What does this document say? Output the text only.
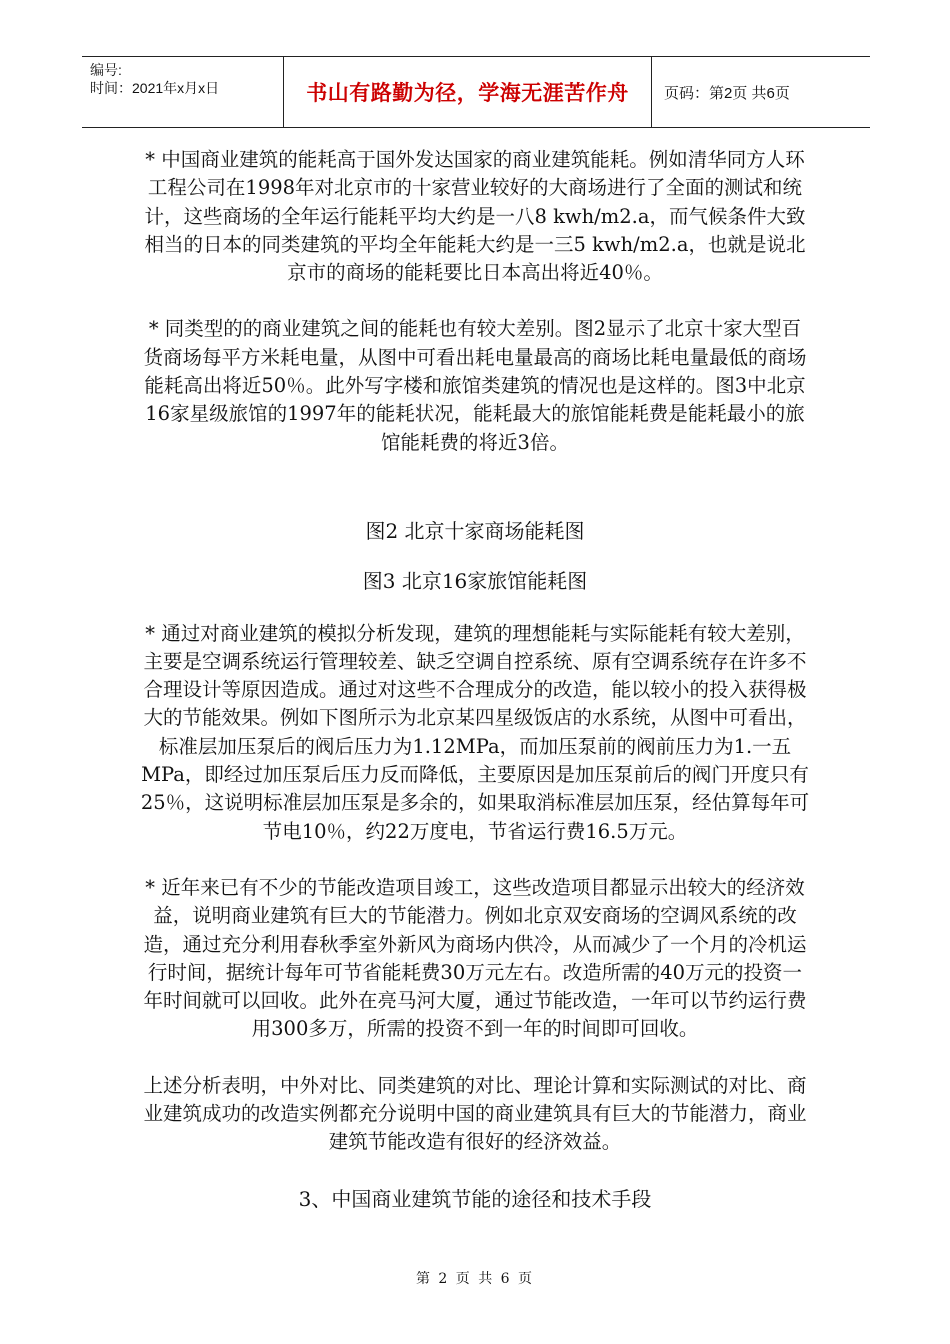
编号:
时间：2021年x月x日	书山有路勤为径，学海无涯苦作舟	页码：第2页 共6页

* 中国商业建筑的能耗高于国外发达国家的商业建筑能耗。例如清华同方人环工程公司在1998年对北京市的十家营业较好的大商场进行了全面的测试和统计，这些商场的全年运行能耗平均大约是一八8 kwh/m2.a，而气候条件大致相当的日本的同类建筑的平均全年能耗大约是一三5 kwh/m2.a，也就是说北京市的商场的能耗要比日本高出将近40％。

* 同类型的的商业建筑之间的能耗也有较大差别。图2显示了北京十家大型百货商场每平方米耗电量，从图中可看出耗电量最高的商场比耗电量最低的商场能耗高出将近50％。此外写字楼和旅馆类建筑的情况也是这样的。图3中北京16家星级旅馆的1997年的能耗状况，能耗最大的旅馆能耗费是能耗最小的旅馆能耗费的将近3倍。

图2 北京十家商场能耗图

图3 北京16家旅馆能耗图

* 通过对商业建筑的模拟分析发现，建筑的理想能耗与实际能耗有较大差别，主要是空调系统运行管理较差、缺乏空调自控系统、原有空调系统存在许多不合理设计等原因造成。通过对这些不合理成分的改造，能以较小的投入获得极大的节能效果。例如下图所示为北京某四星级饭店的水系统，从图中可看出，标准层加压泵后的阀后压力为1.12MPa，而加压泵前的阀前压力为1.一五MPa，即经过加压泵后压力反而降低，主要原因是加压泵前后的阀门开度只有25％，这说明标准层加压泵是多余的，如果取消标准层加压泵，经估算每年可节电10％，约22万度电，节省运行费16.5万元。

* 近年来已有不少的节能改造项目竣工，这些改造项目都显示出较大的经济效益，说明商业建筑有巨大的节能潜力。例如北京双安商场的空调风系统的改造，通过充分利用春秋季室外新风为商场内供冷，从而减少了一个月的冷机运行时间，据统计每年可节省能耗费30万元左右。改造所需的40万元的投资一年时间就可以回收。此外在亮马河大厦，通过节能改造，一年可以节约运行费用300多万，所需的投资不到一年的时间即可回收。

上述分析表明，中外对比、同类建筑的对比、理论计算和实际测试的对比、商业建筑成功的改造实例都充分说明中国的商业建筑具有巨大的节能潜力，商业建筑节能改造有很好的经济效益。

3、中国商业建筑节能的途径和技术手段

第 2 页 共 6 页
